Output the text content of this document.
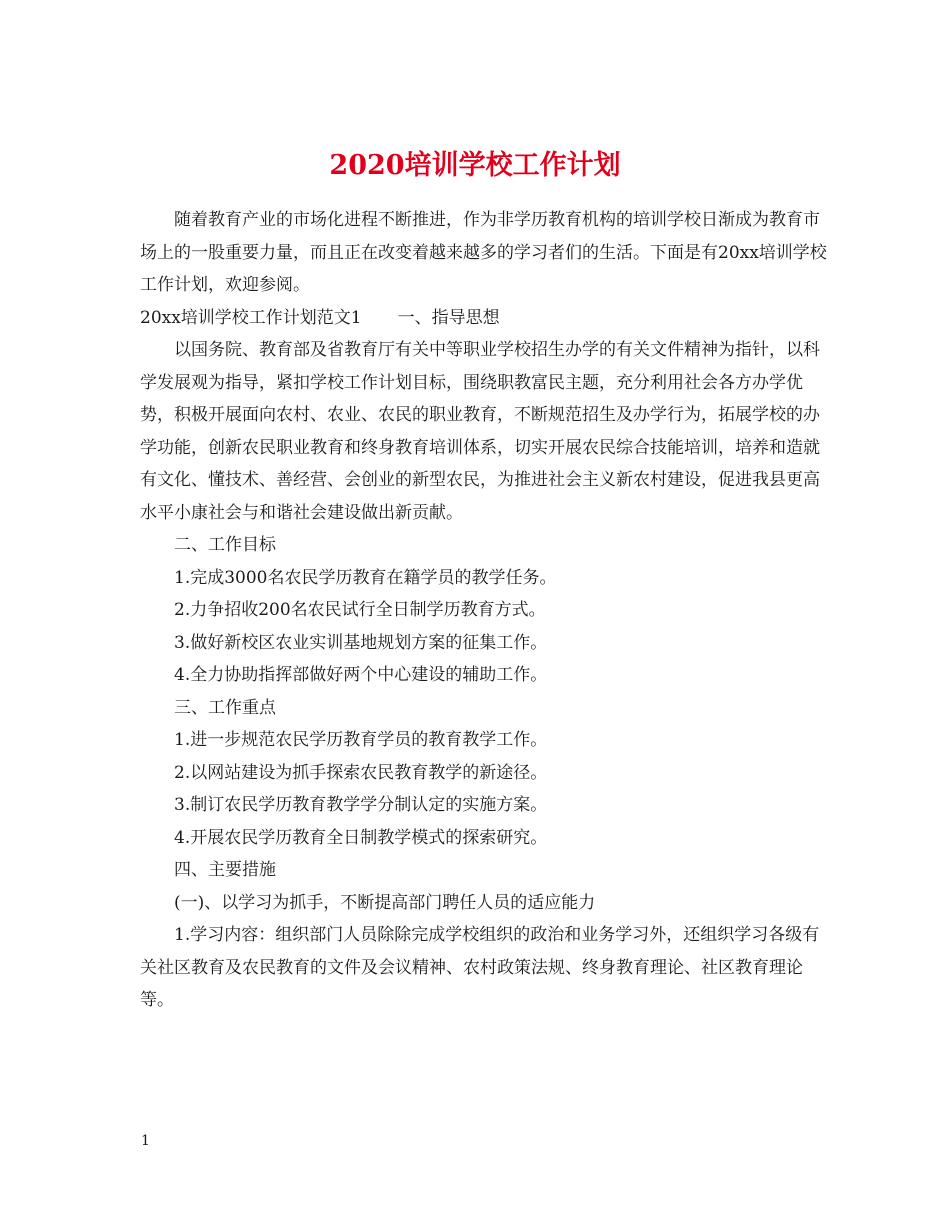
2020培训学校工作计划

随着教育产业的市场化进程不断推进，作为非学历教育机构的培训学校日渐成为教育市场上的一股重要力量，而且正在改变着越来越多的学习者们的生活。下面是有20xx培训学校工作计划，欢迎参阅。

20xx培训学校工作计划范文1 一、指导思想

以国务院、教育部及省教育厅有关中等职业学校招生办学的有关文件精神为指针，以科学发展观为指导，紧扣学校工作计划目标，围绕职教富民主题，充分利用社会各方办学优势，积极开展面向农村、农业、农民的职业教育，不断规范招生及办学行为，拓展学校的办学功能，创新农民职业教育和终身教育培训体系，切实开展农民综合技能培训，培养和造就有文化、懂技术、善经营、会创业的新型农民，为推进社会主义新农村建设，促进我县更高水平小康社会与和谐社会建设做出新贡献。

二、工作目标

1.完成3000名农民学历教育在籍学员的教学任务。

2.力争招收200名农民试行全日制学历教育方式。

3.做好新校区农业实训基地规划方案的征集工作。

4.全力协助指挥部做好两个中心建设的辅助工作。

三、工作重点

1.进一步规范农民学历教育学员的教育教学工作。

2.以网站建设为抓手探索农民教育教学的新途径。

3.制订农民学历教育教学学分制认定的实施方案。

4.开展农民学历教育全日制教学模式的探索研究。

四、主要措施

(一)、以学习为抓手，不断提高部门聘任人员的适应能力

1.学习内容：组织部门人员除除完成学校组织的政治和业务学习外，还组织学习各级有关社区教育及农民教育的文件及会议精神、农村政策法规、终身教育理论、社区教育理论等。

1
